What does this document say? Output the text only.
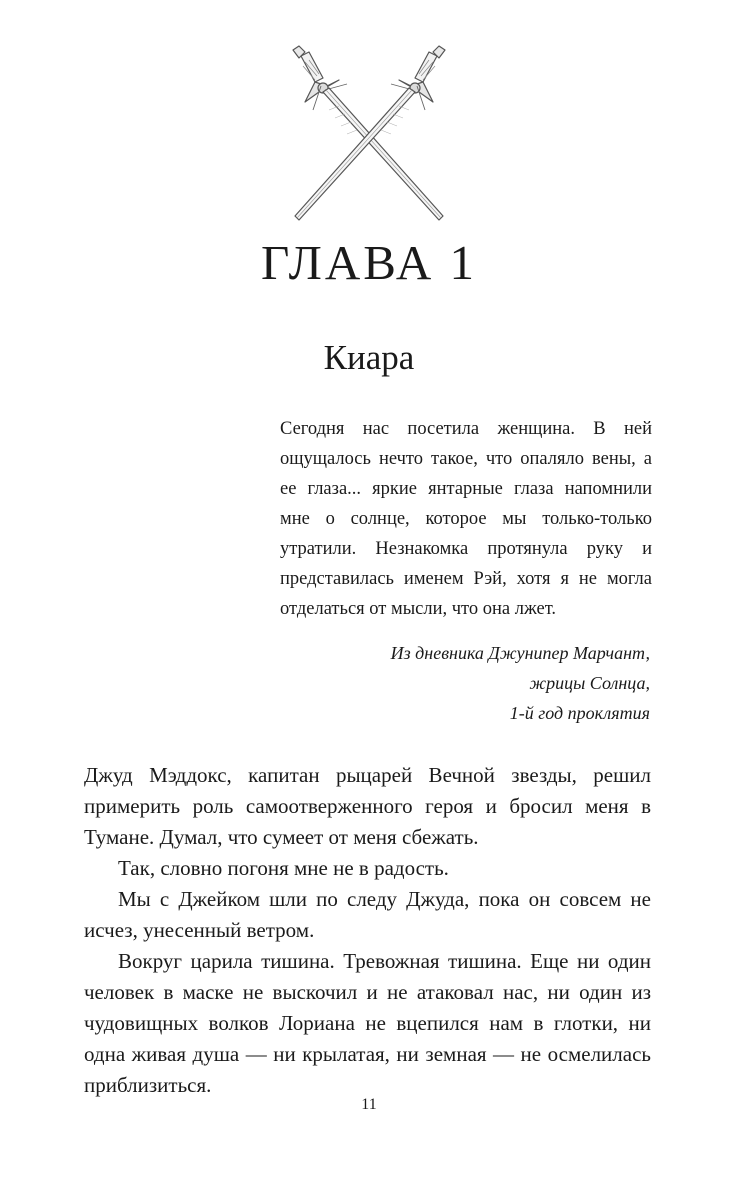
ГЛАВА 1
Киара

Сегодня нас посетила женщина. В ней ощущалось нечто такое, что опаляло вены, а ее глаза... яркие янтарные глаза напомнили мне о солнце, которое мы только-только утратили. Незнакомка протянула руку и представилась именем Рэй, хотя я не могла отделаться от мысли, что она лжет.

Из дневника Джунипер Марчант,
жрицы Солнца,
1-й год проклятия

Джуд Мэддокс, капитан рыцарей Вечной звезды, решил примерить роль самоотверженного героя и бросил меня в Тумане. Думал, что сумеет от меня сбежать.

Так, словно погоня мне не в радость.

Мы с Джейком шли по следу Джуда, пока он совсем не исчез, унесенный ветром.

Вокруг царила тишина. Тревожная тишина. Еще ни один человек в маске не выскочил и не атаковал нас, ни один из чудовищных волков Лориана не вцепился нам в глотки, ни одна живая душа — ни крылатая, ни земная — не осмелилась приблизиться.

11
